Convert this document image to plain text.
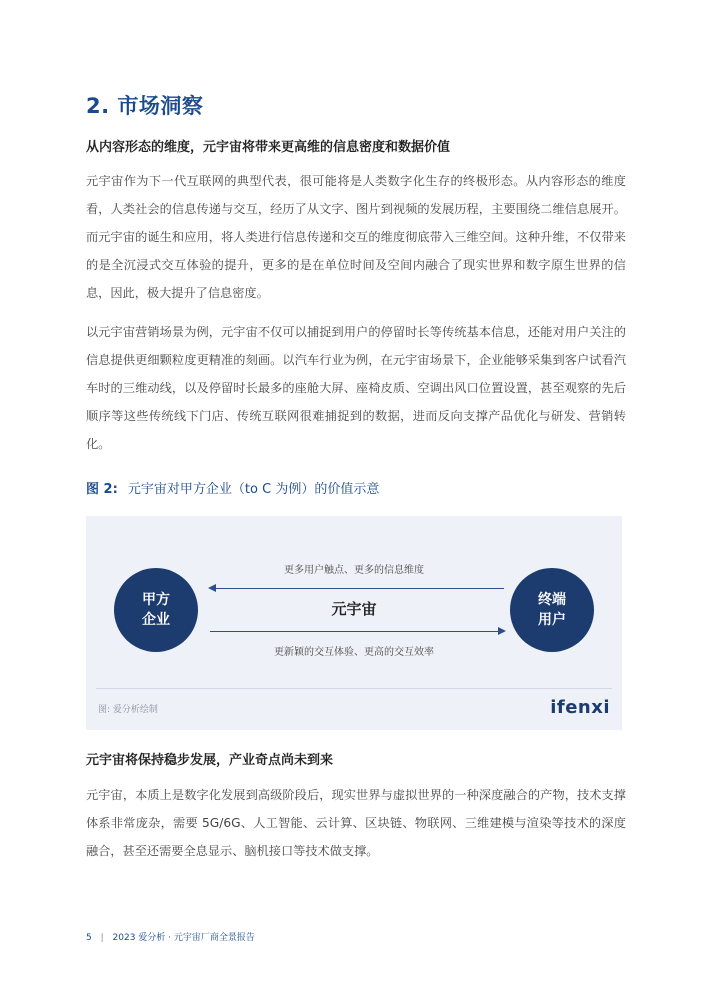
2. 市场洞察

从内容形态的维度，元宇宙将带来更高维的信息密度和数据价值

元宇宙作为下一代互联网的典型代表，很可能将是人类数字化生存的终极形态。从内容形态的维度看，人类社会的信息传递与交互，经历了从文字、图片到视频的发展历程，主要围绕二维信息展开。而元宇宙的诞生和应用，将人类进行信息传递和交互的维度彻底带入三维空间。这种升维，不仅带来的是全沉浸式交互体验的提升，更多的是在单位时间及空间内融合了现实世界和数字原生世界的信息，因此，极大提升了信息密度。

以元宇宙营销场景为例，元宇宙不仅可以捕捉到用户的停留时长等传统基本信息，还能对用户关注的信息提供更细颗粒度更精准的刻画。以汽车行业为例，在元宇宙场景下，企业能够采集到客户试看汽车时的三维动线，以及停留时长最多的座舱大屏、座椅皮质、空调出风口位置设置，甚至观察的先后顺序等这些传统线下门店、传统互联网很难捕捉到的数据，进而反向支撑产品优化与研发、营销转化。

图 2: 元宇宙对甲方企业（to C 为例）的价值示意

甲方企业
终端用户
更多用户触点、更多的信息维度
元宇宙
更新颖的交互体验、更高的交互效率
图: 爱分析绘制	ifenxi

元宇宙将保持稳步发展，产业奇点尚未到来

元宇宙，本质上是数字化发展到高级阶段后，现实世界与虚拟世界的一种深度融合的产物，技术支撑体系非常庞杂，需要 5G/6G、人工智能、云计算、区块链、物联网、三维建模与渲染等技术的深度融合，甚至还需要全息显示、脑机接口等技术做支撑。

5 | 2023 爱分析 · 元宇宙厂商全景报告
